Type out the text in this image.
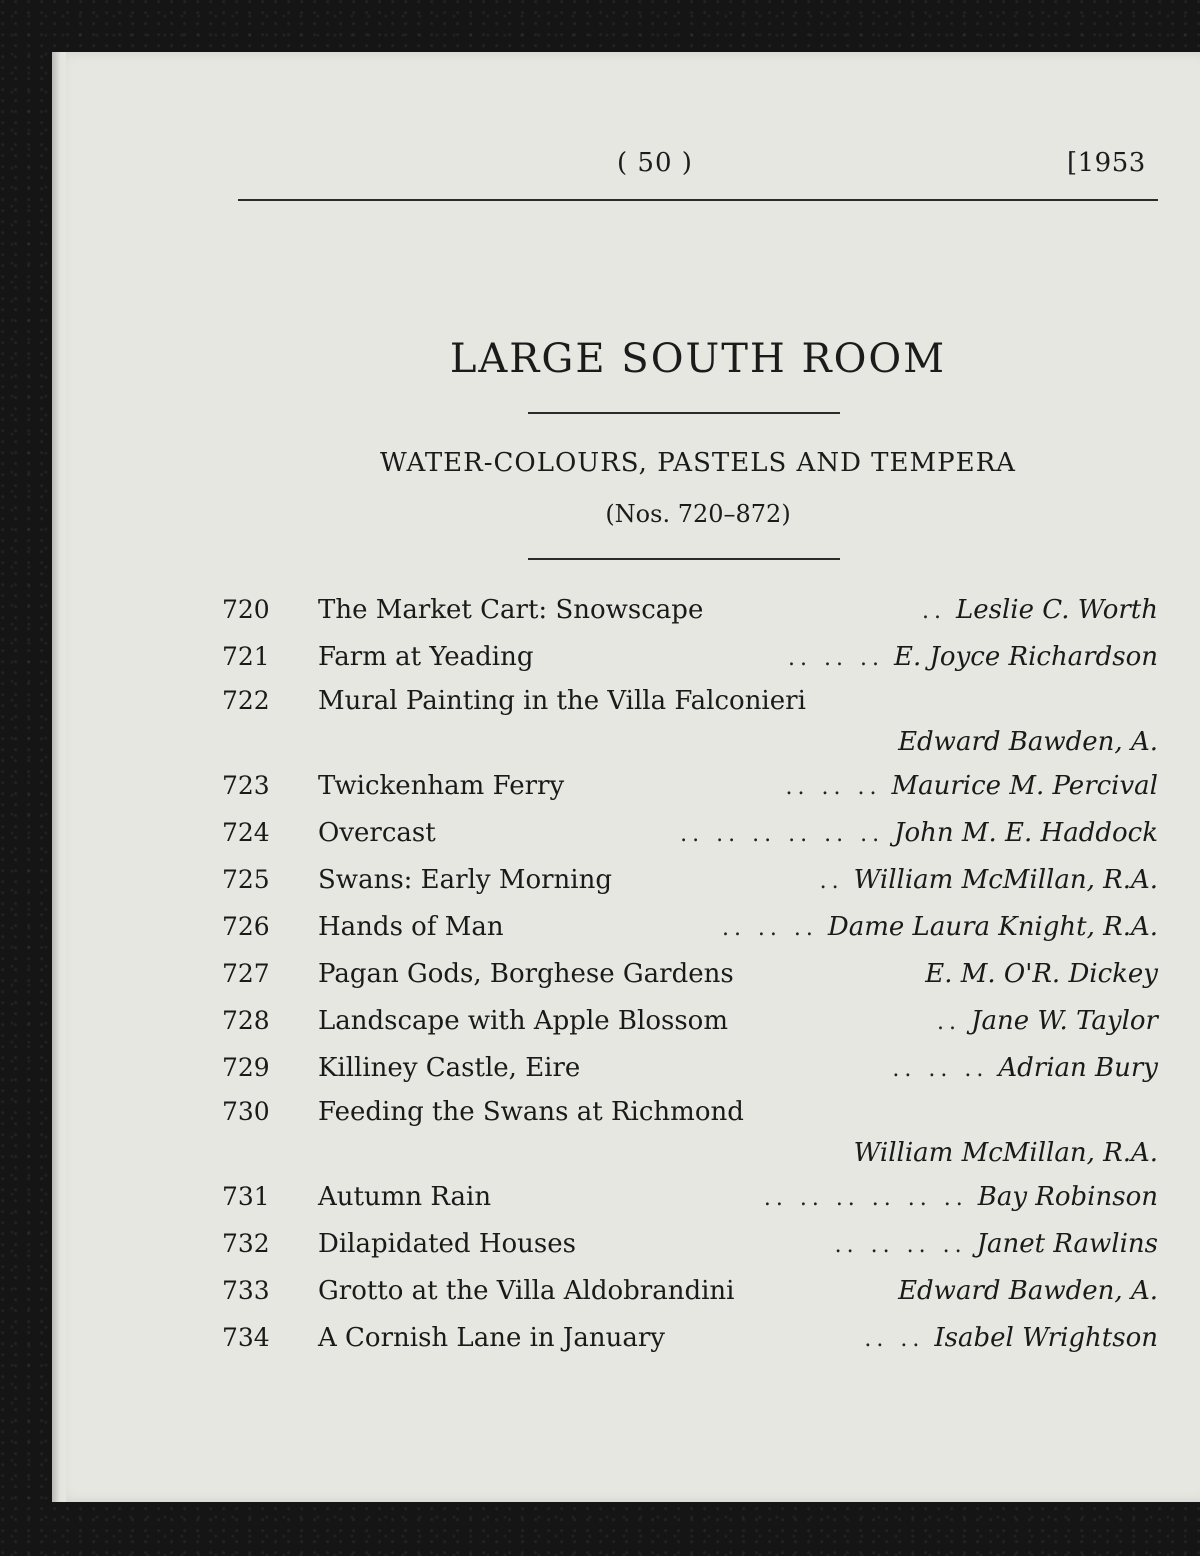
( 50 )	[1953
LARGE SOUTH ROOM
WATER-COLOURS, PASTELS AND TEMPERA
(Nos. 720–872)
720	The Market Cart: Snowscape	.. Leslie C. Worth
721	Farm at Yeading	.. .. .. E. Joyce Richardson
722	Mural Painting in the Villa Falconieri
Edward Bawden, A.
723	Twickenham Ferry	.. .. .. Maurice M. Percival
724	Overcast	.. .. .. .. .. .. John M. E. Haddock
725	Swans: Early Morning	.. William McMillan, R.A.
726	Hands of Man	.. .. .. Dame Laura Knight, R.A.
727	Pagan Gods, Borghese Gardens	E. M. O'R. Dickey
728	Landscape with Apple Blossom	.. Jane W. Taylor
729	Killiney Castle, Eire	.. .. .. Adrian Bury
730	Feeding the Swans at Richmond
William McMillan, R.A.
731	Autumn Rain	.. .. .. .. .. .. Bay Robinson
732	Dilapidated Houses	.. .. .. .. Janet Rawlins
733	Grotto at the Villa Aldobrandini	Edward Bawden, A.
734	A Cornish Lane in January	.. .. Isabel Wrightson
